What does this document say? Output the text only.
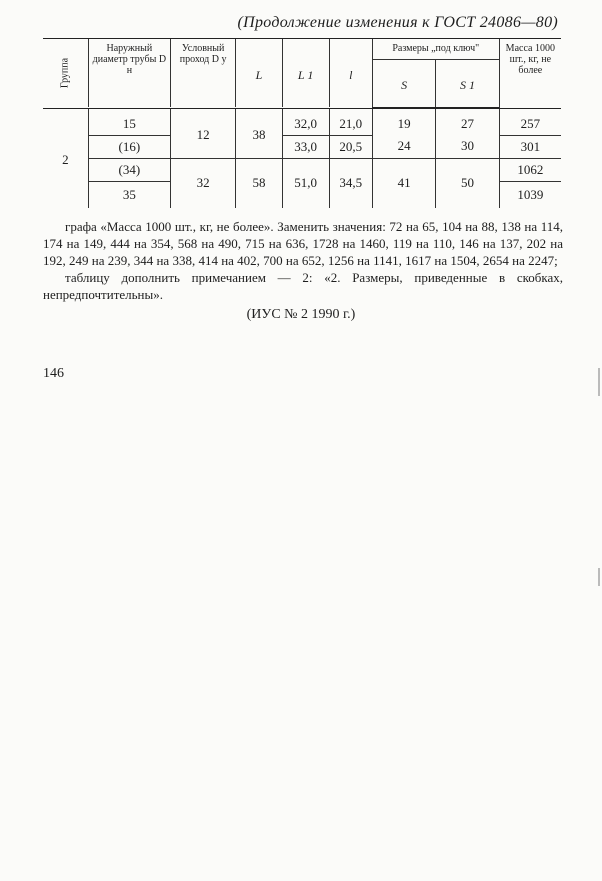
(Продолжение изменения к ГОСТ 24086—80)
Группа	Наружный диаметр трубы D н	Условный проход D у	L	L 1	l	Размеры „под ключ"		Масса 1000 шт., кг, не более
						S	S 1	

2	15	12	38	32,0	21,0	19	27	257
	(16)			33,0	20,5	24	30	301
	(34)	32	58	51,0	34,5	41	50	1062
	35							1039

графа «Масса 1000 шт., кг, не более». Заменить значения: 72 на 65, 104 на 88, 138 на 114, 174 на 149, 444 на 354, 568 на 490, 715 на 636, 1728 на 1460, 119 на 110, 146 на 137, 202 на 192, 249 на 239, 344 на 338, 414 на 402, 700 на 652, 1256 на 1141, 1617 на 1504, 2654 на 2247;

таблицу дополнить примечанием — 2: «2. Размеры, приведенные в скобках, непредпочтительны».

(ИУС № 2 1990 г.)
146
